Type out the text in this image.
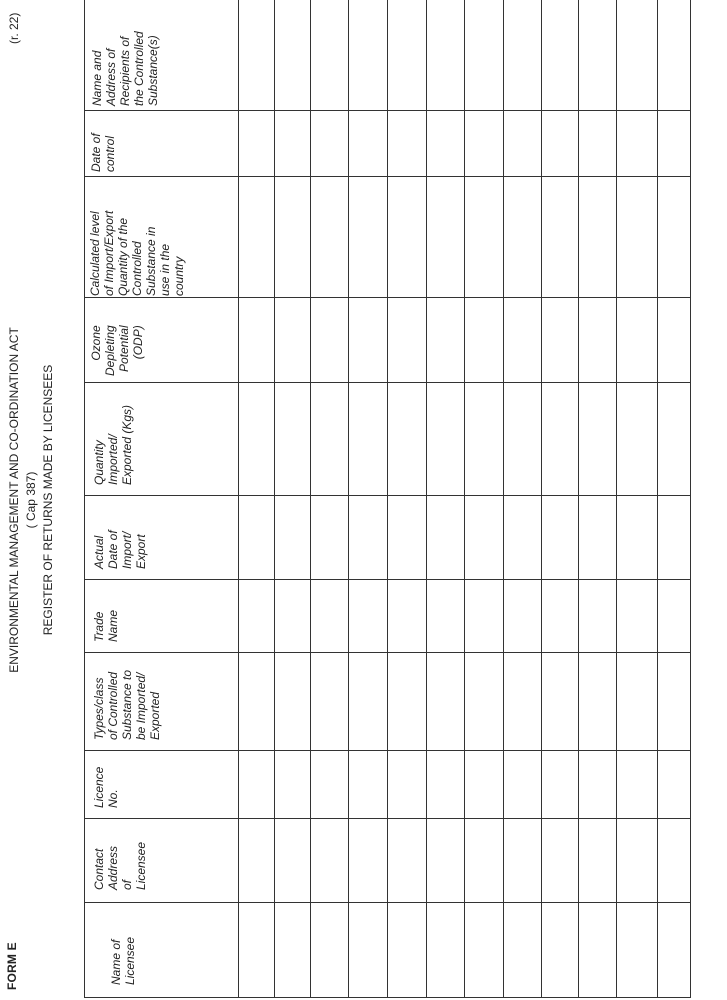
FORM E
(r. 22)
ENVIRONMENTAL MANAGEMENT AND CO-ORDINATION ACT ( Cap 387) REGISTER OF RETURNS MADE BY LICENSEES
Name of
Licensee
Contact
Address
of
Licensee
Licence
No.
Types/class
of Controlled
Substance to
be Imported/
Exported
Trade
Name
Actual
Date of
Import/
Export
Quantity
Imported/
Exported (Kgs)
Ozone
Depleting
Potential
(ODP)
Calculated level
of Import/Export
Quantity of the
Controlled
Substance in
use in the
country
Date of
control
Name and
Address of
Recipients of
the Controlled
Substance(s)
